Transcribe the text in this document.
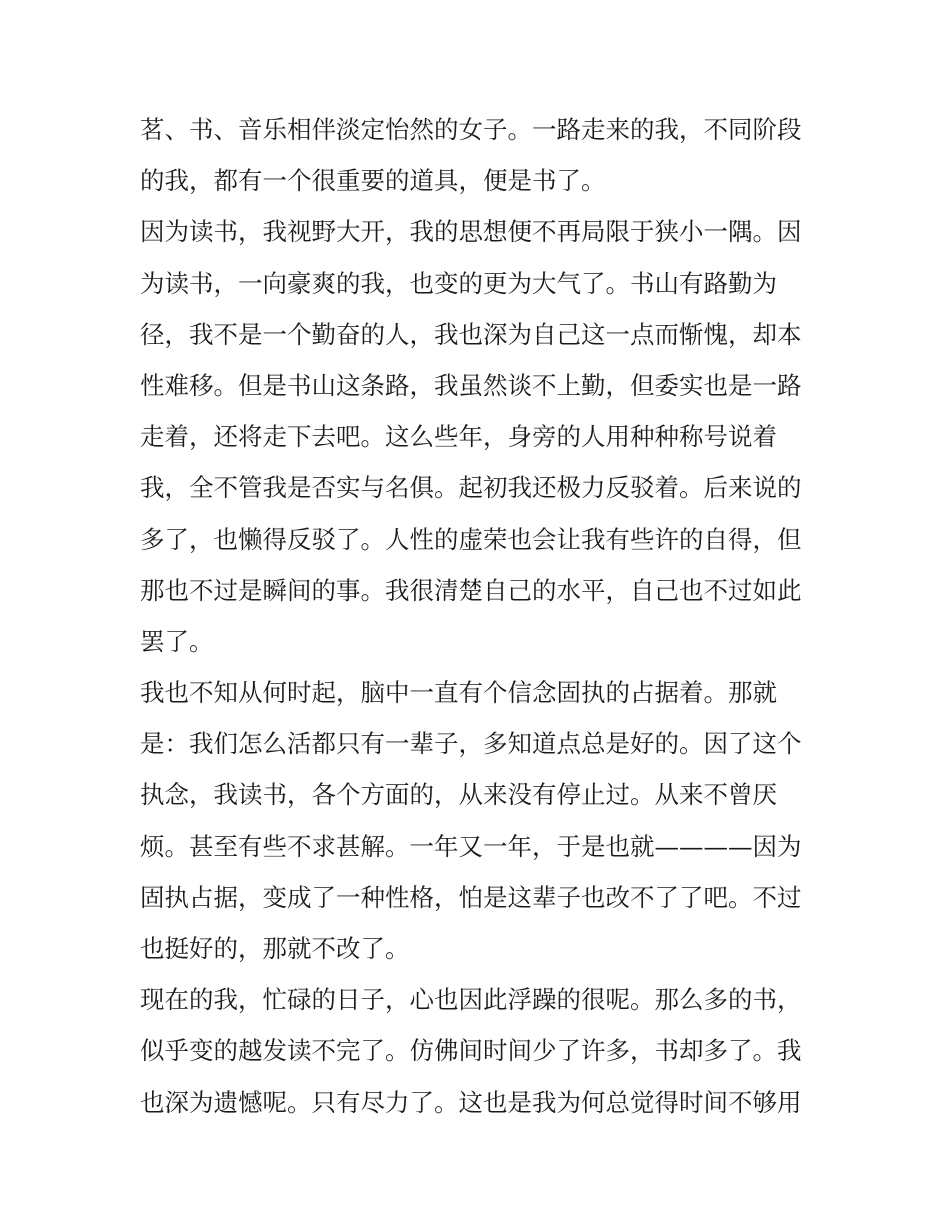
茗、书、音乐相伴淡定怡然的女子。一路走来的我，不同阶段
的我，都有一个很重要的道具，便是书了。
因为读书，我视野大开，我的思想便不再局限于狭小一隅。因
为读书，一向豪爽的我，也变的更为大气了。书山有路勤为
径，我不是一个勤奋的人，我也深为自己这一点而惭愧，却本
性难移。但是书山这条路，我虽然谈不上勤，但委实也是一路
走着，还将走下去吧。这么些年，身旁的人用种种称号说着
我，全不管我是否实与名俱。起初我还极力反驳着。后来说的
多了，也懒得反驳了。人性的虚荣也会让我有些许的自得，但
那也不过是瞬间的事。我很清楚自己的水平，自己也不过如此
罢了。
我也不知从何时起，脑中一直有个信念固执的占据着。那就
是：我们怎么活都只有一辈子，多知道点总是好的。因了这个
执念，我读书，各个方面的，从来没有停止过。从来不曾厌
烦。甚至有些不求甚解。一年又一年，于是也就————因为
固执占据，变成了一种性格，怕是这辈子也改不了了吧。不过
也挺好的，那就不改了。
现在的我，忙碌的日子，心也因此浮躁的很呢。那么多的书，
似乎变的越发读不完了。仿佛间时间少了许多，书却多了。我
也深为遗憾呢。只有尽力了。这也是我为何总觉得时间不够用
